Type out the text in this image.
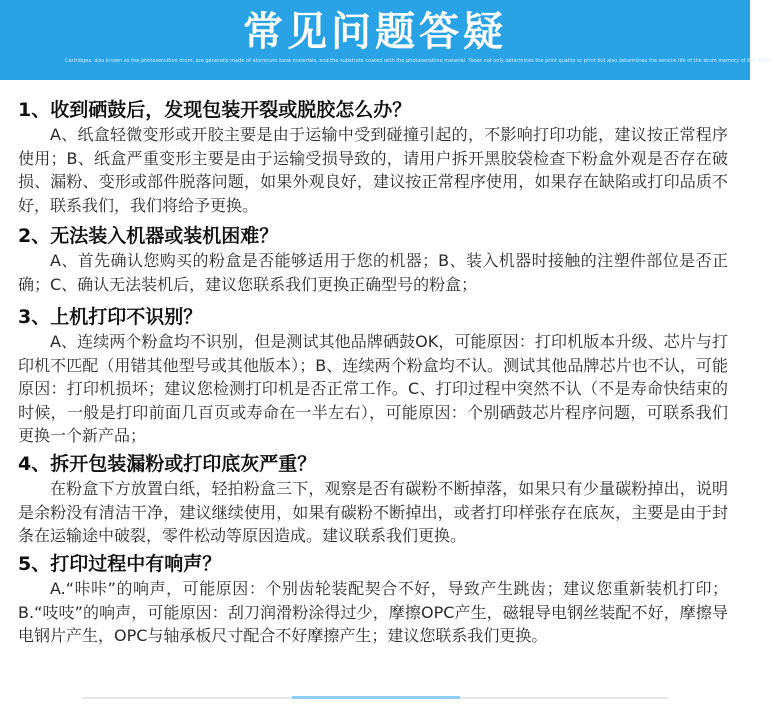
常见问题答疑
Cartridges, also known as the photosensitive drum, are generally made of aluminum base materials, and the substrate coated with the photosensitive material. Toner not only determines the print quality or print but also determines the service life of the drum memory of the drum.
1、收到硒鼓后，发现包装开裂或脱胶怎么办？

A、纸盒轻微变形或开胶主要是由于运输中受到碰撞引起的，不影响打印功能，建议按正常程序使用；B、纸盒严重变形主要是由于运输受损导致的，请用户拆开黑胶袋检查下粉盒外观是否存在破损、漏粉、变形或部件脱落问题，如果外观良好，建议按正常程序使用，如果存在缺陷或打印品质不好，联系我们，我们将给予更换。

2、无法装入机器或装机困难？

A、首先确认您购买的粉盒是否能够适用于您的机器；B、装入机器时接触的注塑件部位是否正确；C、确认无法装机后，建议您联系我们更换正确型号的粉盒；

3、上机打印不识别？

A、连续两个粉盒均不识别，但是测试其他品牌硒鼓OK，可能原因：打印机版本升级、芯片与打印机不匹配（用错其他型号或其他版本）；B、连续两个粉盒均不认。测试其他品牌芯片也不认，可能原因：打印机损坏；建议您检测打印机是否正常工作。C、打印过程中突然不认（不是寿命快结束的时候，一般是打印前面几百页或寿命在一半左右），可能原因：个别硒鼓芯片程序问题，可联系我们更换一个新产品；

4、拆开包装漏粉或打印底灰严重？

在粉盒下方放置白纸，轻拍粉盒三下，观察是否有碳粉不断掉落，如果只有少量碳粉掉出，说明是余粉没有清洁干净，建议继续使用，如果有碳粉不断掉出，或者打印样张存在底灰，主要是由于封条在运输途中破裂，零件松动等原因造成。建议联系我们更换。

5、打印过程中有响声？

A.“咔咔”的响声，可能原因：个别齿轮装配契合不好，导致产生跳齿；建议您重新装机打印；B.“吱吱”的响声，可能原因：刮刀润滑粉涂得过少，摩擦OPC产生，磁辊导电钢丝装配不好，摩擦导电钢片产生，OPC与轴承板尺寸配合不好摩擦产生；建议您联系我们更换。
